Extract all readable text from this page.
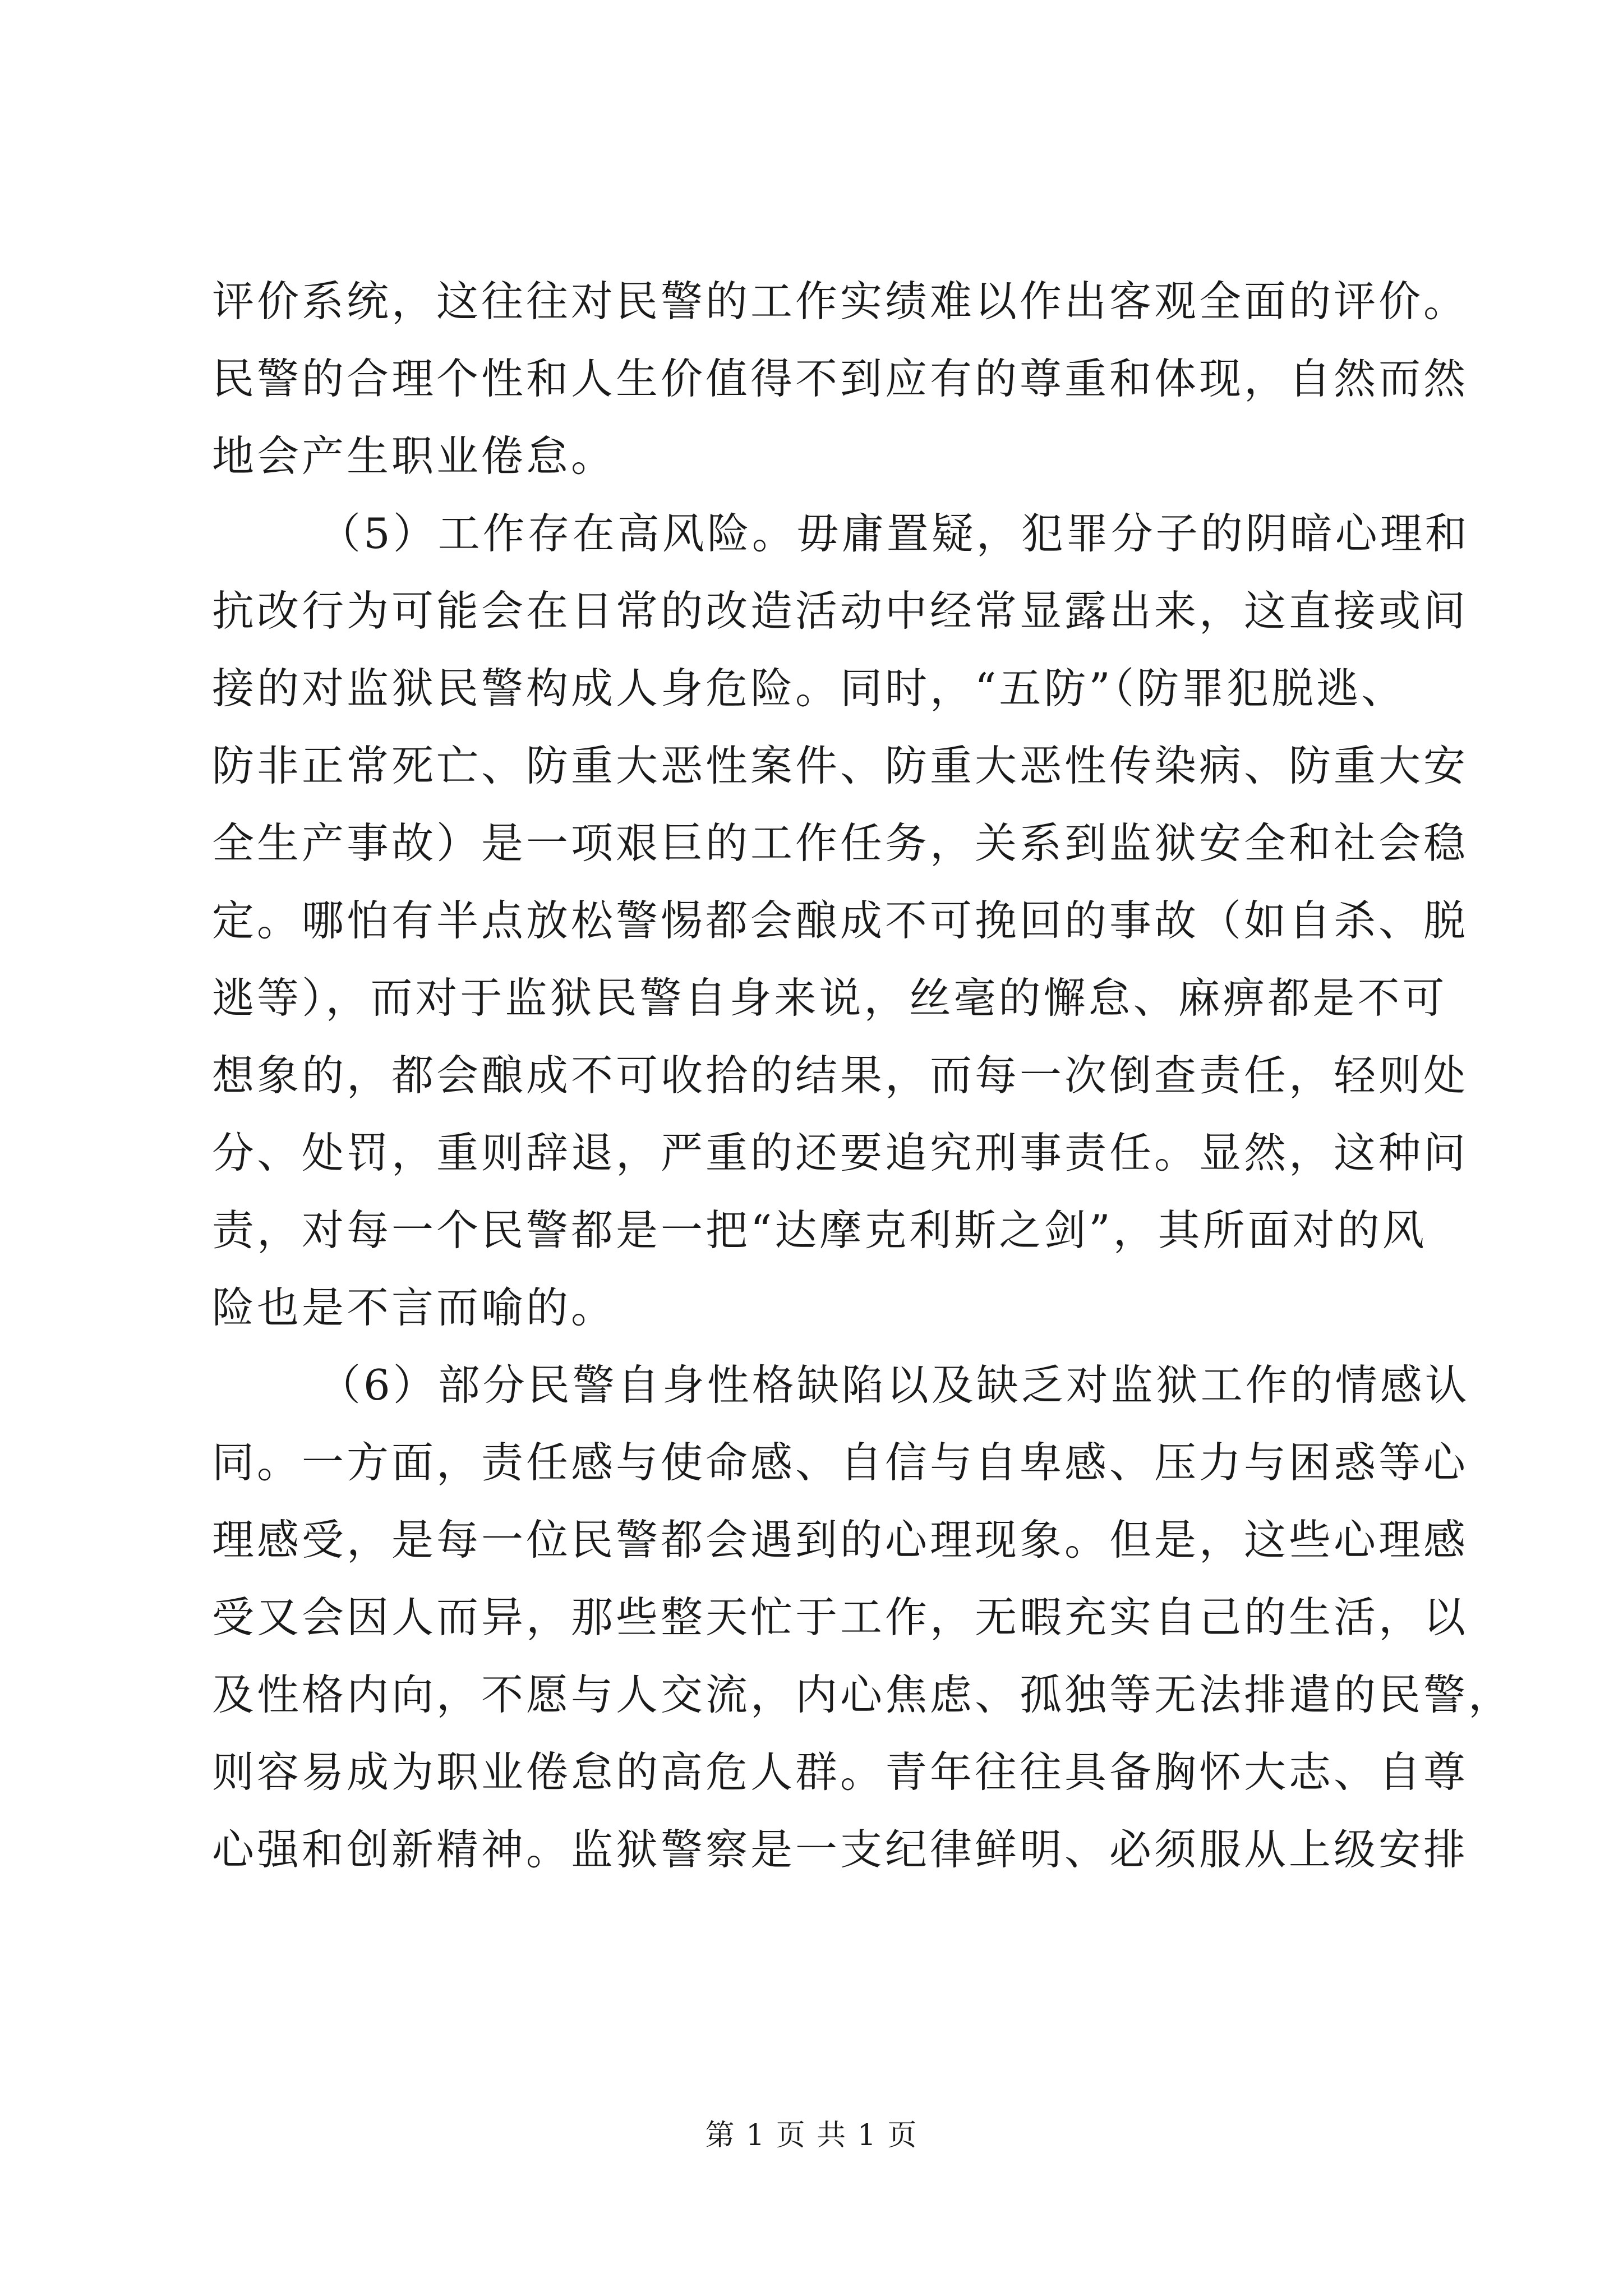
评价系统，这往往对民警的工作实绩难以作出客观全面的评价。
民警的合理个性和人生价值得不到应有的尊重和体现，自然而然
地会产生职业倦怠。
（5）工作存在高风险。毋庸置疑，犯罪分子的阴暗心理和
抗改行为可能会在日常的改造活动中经常显露出来，这直接或间
接的对监狱民警构成人身危险。同时，“五防”（防罪犯脱逃、
防非正常死亡、防重大恶性案件、防重大恶性传染病、防重大安
全生产事故）是一项艰巨的工作任务，关系到监狱安全和社会稳
定。哪怕有半点放松警惕都会酿成不可挽回的事故（如自杀、脱
逃等），而对于监狱民警自身来说，丝毫的懈怠、麻痹都是不可
想象的，都会酿成不可收拾的结果，而每一次倒查责任，轻则处
分、处罚，重则辞退，严重的还要追究刑事责任。显然，这种问
责，对每一个民警都是一把“达摩克利斯之剑”，其所面对的风
险也是不言而喻的。
（6）部分民警自身性格缺陷以及缺乏对监狱工作的情感认
同。一方面，责任感与使命感、自信与自卑感、压力与困惑等心
理感受，是每一位民警都会遇到的心理现象。但是，这些心理感
受又会因人而异，那些整天忙于工作，无暇充实自己的生活，以
及性格内向，不愿与人交流，内心焦虑、孤独等无法排遣的民警，
则容易成为职业倦怠的高危人群。青年往往具备胸怀大志、自尊
心强和创新精神。监狱警察是一支纪律鲜明、必须服从上级安排
第 1 页 共 1 页
